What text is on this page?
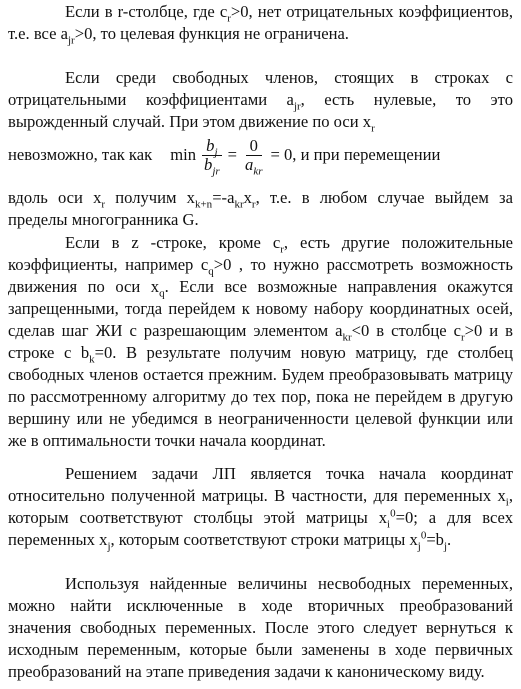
Если в r-столбце, где $c_r>0$, нет отрицательных коэффициентов, т.е. все $a_{jr}>0$, то целевая функция не ограничена.

Если среди свободных членов, стоящих в строках с отрицательными коэффициентами $a_{jr}$, есть нулевые, то это вырожденный случай. При этом движение по оси $x_r$

невозможно, так как $\min \frac{b_j}{b_{jr}} = \frac{0}{a_{kr}} = 0$ , и при перемещении

вдоль оси $x_r$ получим $x_{k+n}=-a_{kr}x_r$, т.е. в любом случае выйдем за пределы многогранника G.

Если в z -строке, кроме $c_r$, есть другие положительные коэффициенты, например $c_q>0$ , то нужно рассмотреть возможность движения по оси $x_q$. Если все возможные направления окажутся запрещенными, тогда перейдем к новому набору координатных осей, сделав шаг ЖИ с разрешающим элементом $a_{kr}<0$ в столбце $c_r>0$ и в строке с $b_k=0$. В результате получим новую матрицу, где столбец свободных членов остается прежним. Будем преобразовывать матрицу по рассмотренному алгоритму до тех пор, пока не перейдем в другую вершину или не убедимся в неограниченности целевой функции или же в оптимальности точки начала координат.

Решением задачи ЛП является точка начала координат относительно полученной матрицы. В частности, для переменных $x_i$, которым соответствуют столбцы этой матрицы $x_i^0=0$; а для всех переменных $x_j$, которым соответствуют строки матрицы $x_j^0=b_j$.

Используя найденные величины несвободных переменных, можно найти исключенные в ходе вторичных преобразований значения свободных переменных. После этого следует вернуться к исходным переменным, которые были заменены в ходе первичных преобразований на этапе приведения задачи к каноническому виду.
